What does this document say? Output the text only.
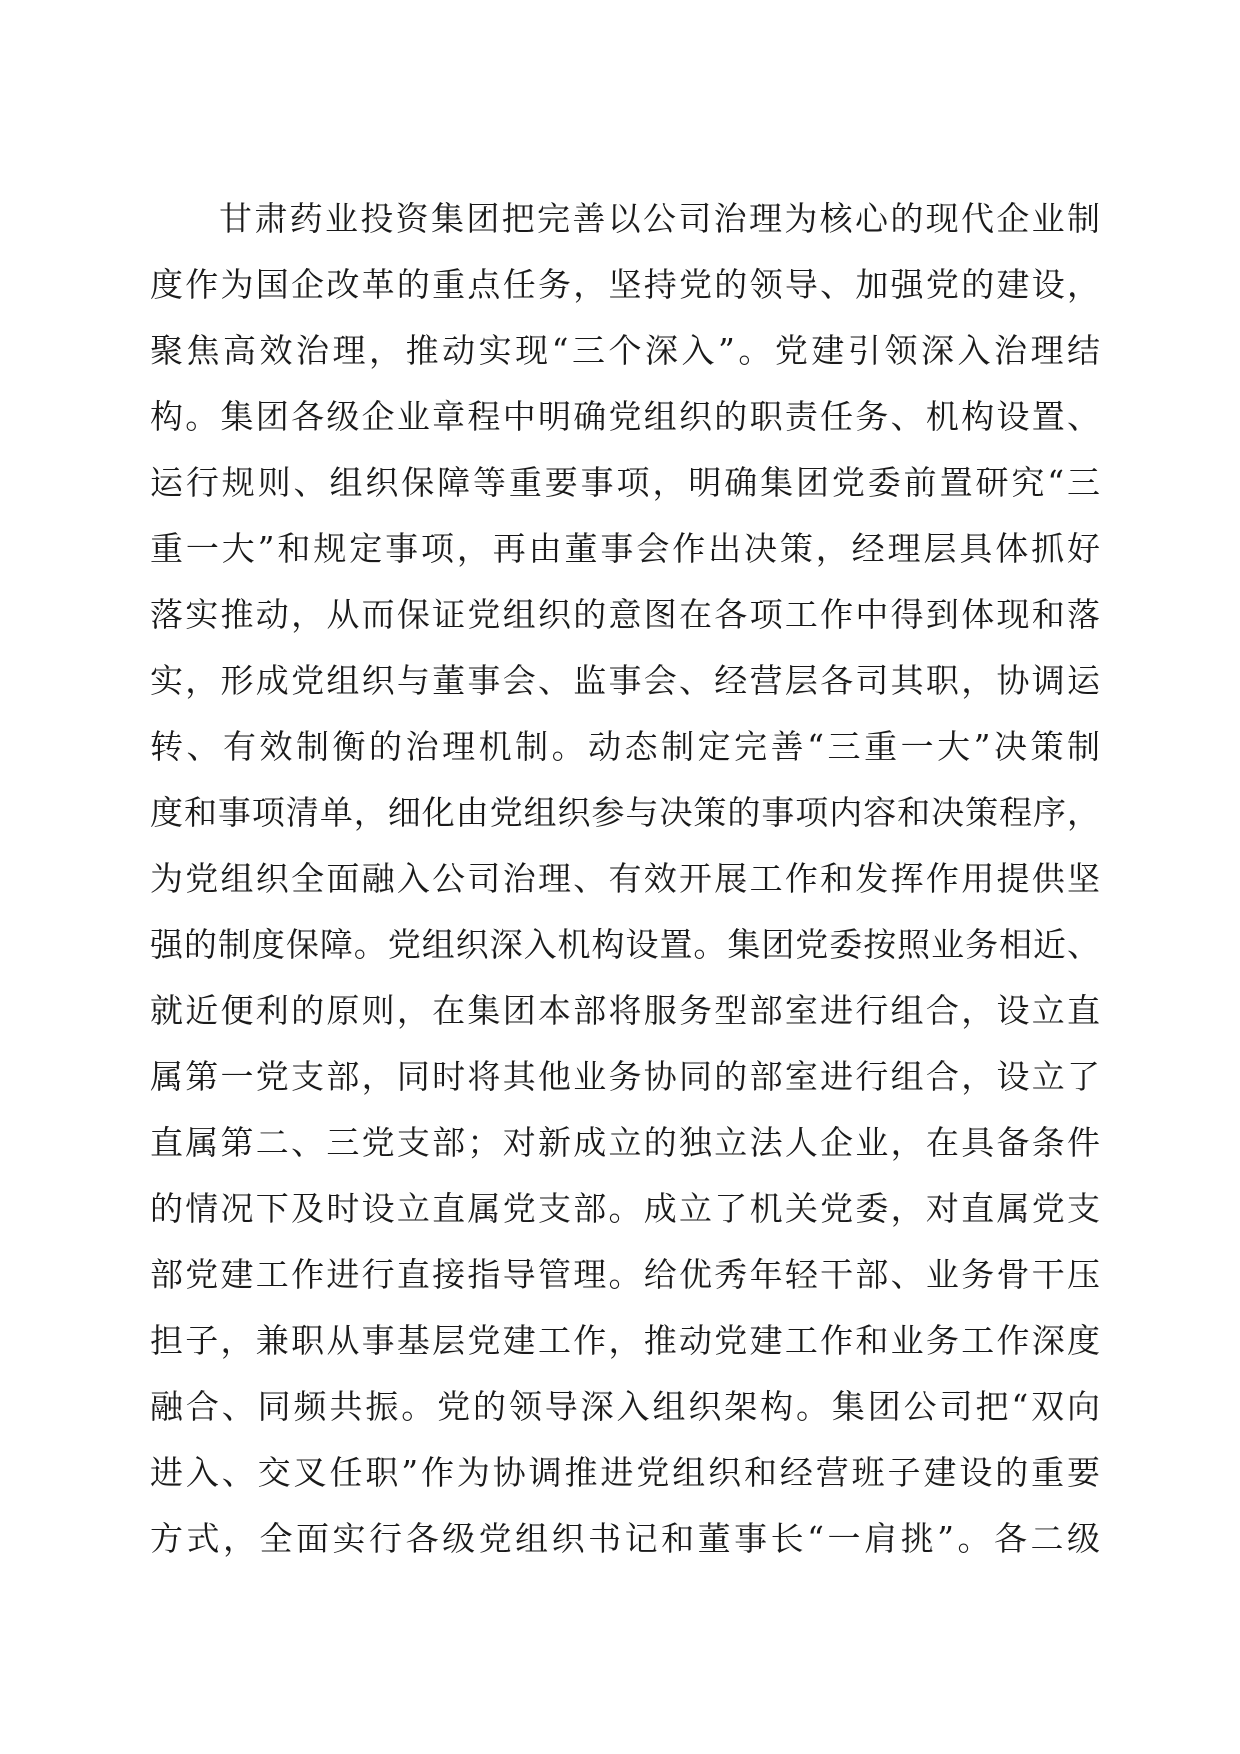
甘肃药业投资集团把完善以公司治理为核心的现代企业制
度作为国企改革的重点任务，坚持党的领导、加强党的建设，
聚焦高效治理，推动实现“三个深入”。党建引领深入治理结
构。集团各级企业章程中明确党组织的职责任务、机构设置、
运行规则、组织保障等重要事项，明确集团党委前置研究“三
重一大”和规定事项，再由董事会作出决策，经理层具体抓好
落实推动，从而保证党组织的意图在各项工作中得到体现和落
实，形成党组织与董事会、监事会、经营层各司其职，协调运
转、有效制衡的治理机制。动态制定完善“三重一大”决策制
度和事项清单，细化由党组织参与决策的事项内容和决策程序，
为党组织全面融入公司治理、有效开展工作和发挥作用提供坚
强的制度保障。党组织深入机构设置。集团党委按照业务相近、
就近便利的原则，在集团本部将服务型部室进行组合，设立直
属第一党支部，同时将其他业务协同的部室进行组合，设立了
直属第二、三党支部；对新成立的独立法人企业，在具备条件
的情况下及时设立直属党支部。成立了机关党委，对直属党支
部党建工作进行直接指导管理。给优秀年轻干部、业务骨干压
担子，兼职从事基层党建工作，推动党建工作和业务工作深度
融合、同频共振。党的领导深入组织架构。集团公司把“双向
进入、交叉任职”作为协调推进党组织和经营班子建设的重要
方式，全面实行各级党组织书记和董事长“一肩挑”。各二级
